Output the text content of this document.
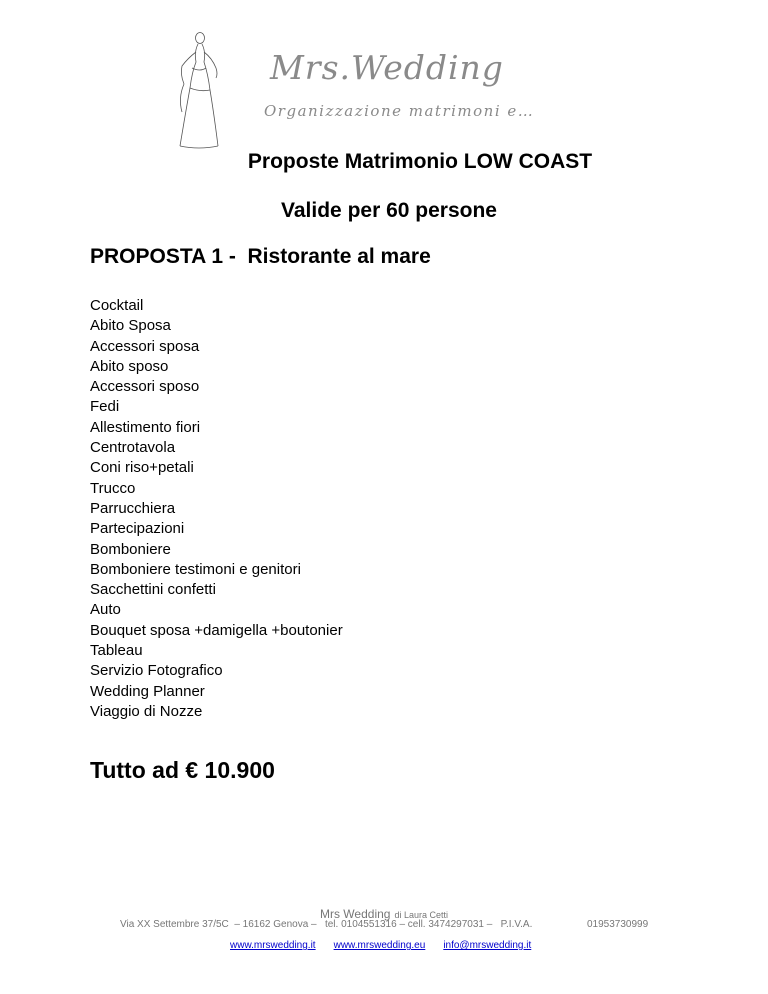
Mrs.Wedding
Organizzazione matrimoni e…
Proposte Matrimonio LOW COAST
Valide per 60 persone
PROPOSTA 1 -  Ristorante al mare
Cocktail
Abito Sposa
Accessori sposa
Abito sposo
Accessori sposo
Fedi
Allestimento fiori
Centrotavola
Coni riso+petali
Trucco
Parrucchiera
Partecipazioni
Bomboniere
Bomboniere testimoni e genitori
Sacchettini confetti
Auto
Bouquet sposa +damigella +boutonier
Tableau
Servizio Fotografico
Wedding Planner
Viaggio di Nozze
Tutto ad € 10.900
Mrs Wedding di Laura Cetti
Via XX Settembre 37/5C  – 16162 Genova –   tel. 0104551316 – cell. 3474297031 –   P.I.V.A.	01953730999
www.mrswedding.it www.mrswedding.eu info@mrswedding.it
